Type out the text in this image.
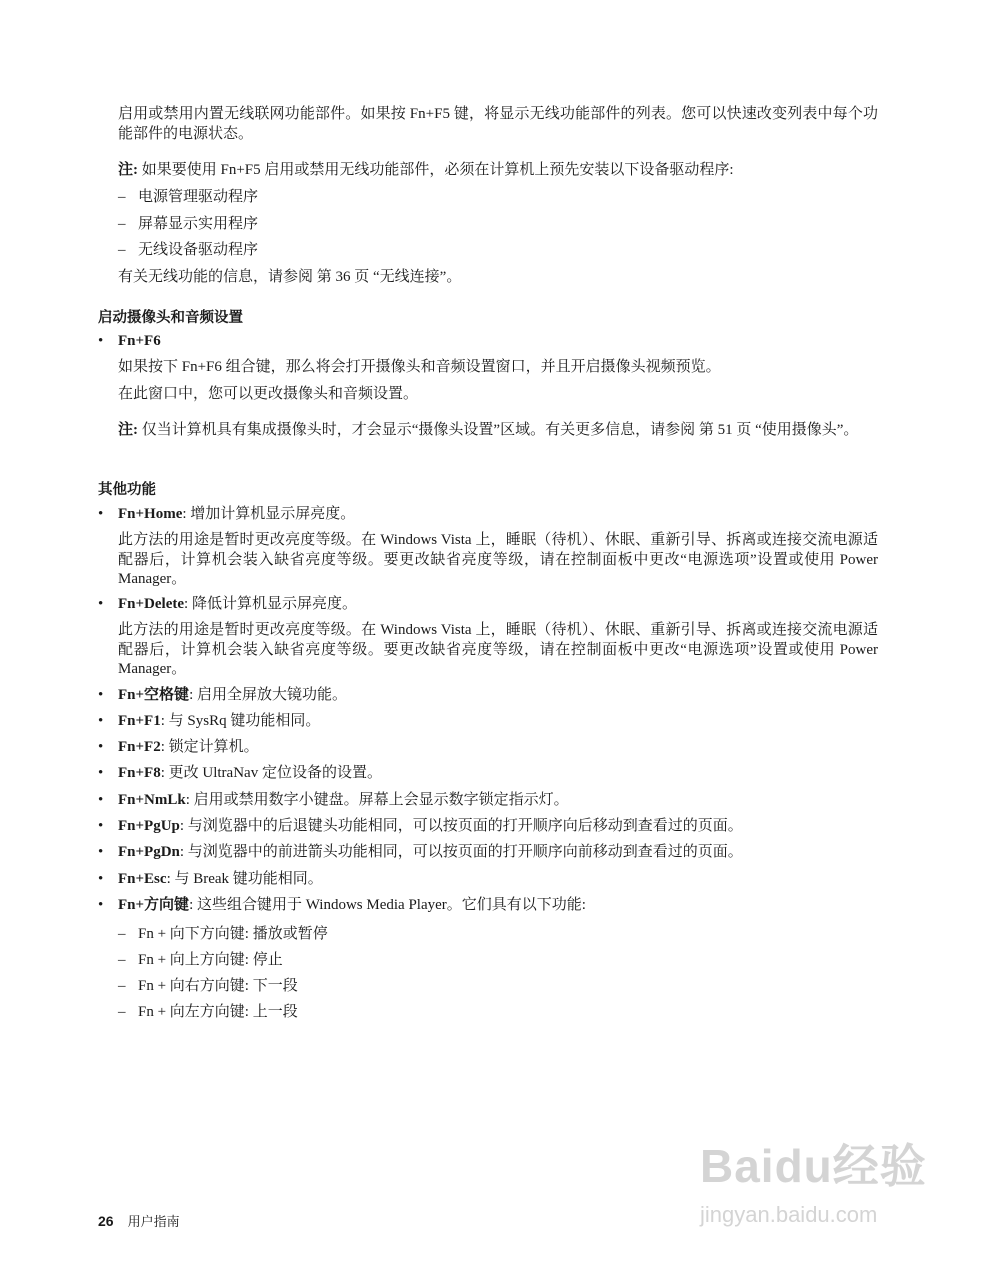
启用或禁用内置无线联网功能部件。如果按 Fn+F5 键，将显示无线功能部件的列表。您可以快速改变列表中每个功能部件的电源状态。
注: 如果要使用 Fn+F5 启用或禁用无线功能部件，必须在计算机上预先安装以下设备驱动程序:
– 电源管理驱动程序
– 屏幕显示实用程序
– 无线设备驱动程序
有关无线功能的信息，请参阅 第 36 页 “无线连接”。
启动摄像头和音频设置
• Fn+F6
如果按下 Fn+F6 组合键，那么将会打开摄像头和音频设置窗口，并且开启摄像头视频预览。
在此窗口中，您可以更改摄像头和音频设置。
注: 仅当计算机具有集成摄像头时，才会显示“摄像头设置”区域。有关更多信息，请参阅 第 51 页 “使用摄像头”。
其他功能
• Fn+Home: 增加计算机显示屏亮度。
此方法的用途是暂时更改亮度等级。在 Windows Vista 上，睡眠（待机）、休眠、重新引导、拆离或连接交流电源适配器后，计算机会装入缺省亮度等级。要更改缺省亮度等级，请在控制面板中更改“电源选项”设置或使用 Power Manager。
• Fn+Delete: 降低计算机显示屏亮度。
此方法的用途是暂时更改亮度等级。在 Windows Vista 上，睡眠（待机）、休眠、重新引导、拆离或连接交流电源适配器后，计算机会装入缺省亮度等级。要更改缺省亮度等级，请在控制面板中更改“电源选项”设置或使用 Power Manager。
• Fn+空格键: 启用全屏放大镜功能。
• Fn+F1: 与 SysRq 键功能相同。
• Fn+F2: 锁定计算机。
• Fn+F8: 更改 UltraNav 定位设备的设置。
• Fn+NmLk: 启用或禁用数字小键盘。屏幕上会显示数字锁定指示灯。
• Fn+PgUp: 与浏览器中的后退键头功能相同，可以按页面的打开顺序向后移动到查看过的页面。
• Fn+PgDn: 与浏览器中的前进箭头功能相同，可以按页面的打开顺序向前移动到查看过的页面。
• Fn+Esc: 与 Break 键功能相同。
• Fn+方向键: 这些组合键用于 Windows Media Player。它们具有以下功能:
– Fn + 向下方向键: 播放或暂停
– Fn + 向上方向键: 停止
– Fn + 向右方向键: 下一段
– Fn + 向左方向键: 上一段
Baidu经验
jingyan.baidu.com
26 用户指南
